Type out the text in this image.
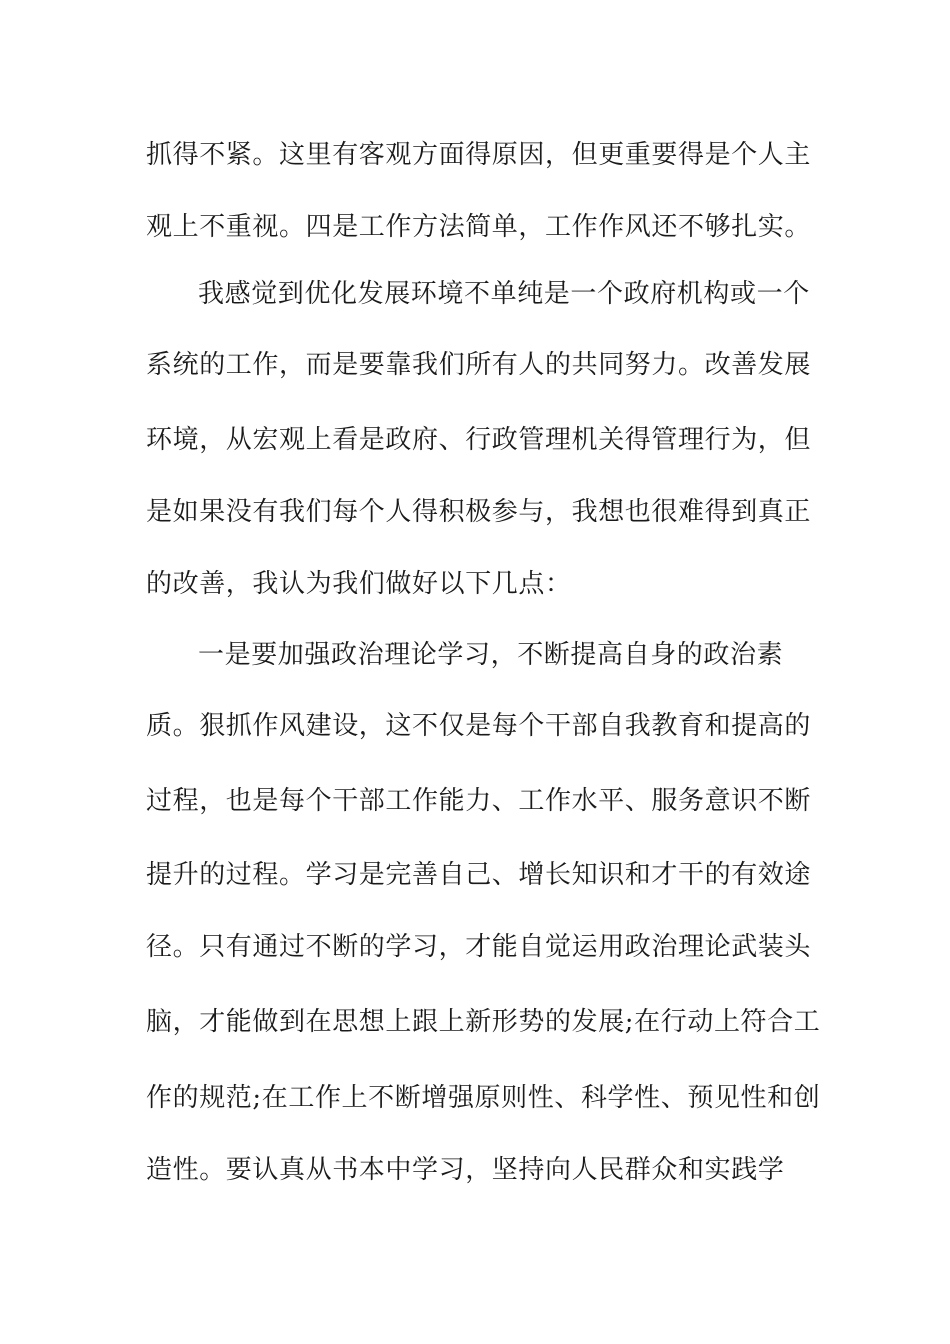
抓得不紧。这里有客观方面得原因，但更重要得是个人主
观上不重视。四是工作方法简单，工作作风还不够扎实。
我感觉到优化发展环境不单纯是一个政府机构或一个
系统的工作，而是要靠我们所有人的共同努力。改善发展
环境，从宏观上看是政府、行政管理机关得管理行为，但
是如果没有我们每个人得积极参与，我想也很难得到真正
的改善，我认为我们做好以下几点：
一是要加强政治理论学习，不断提高自身的政治素
质。狠抓作风建设，这不仅是每个干部自我教育和提高的
过程，也是每个干部工作能力、工作水平、服务意识不断
提升的过程。学习是完善自己、增长知识和才干的有效途
径。只有通过不断的学习，才能自觉运用政治理论武装头
脑，才能做到在思想上跟上新形势的发展;在行动上符合工
作的规范;在工作上不断增强原则性、科学性、预见性和创
造性。要认真从书本中学习，坚持向人民群众和实践学
